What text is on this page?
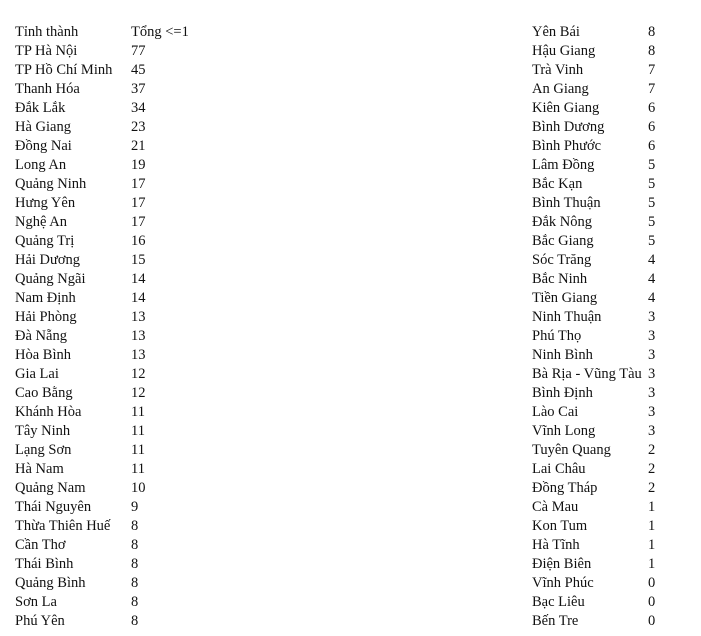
Tỉnh thành	Tổng <=1
TP Hà Nội	77
TP Hồ Chí Minh 45
Thanh Hóa	37
Đắk Lắk	34
Hà Giang	23
Đồng Nai	21
Long An	19
Quảng Ninh	17
Hưng Yên	17
Nghệ An	17
Quảng Trị	16
Hải Dương	15
Quảng Ngãi	14
Nam Định	14
Hải Phòng	13
Đà Nẵng	13
Hòa Bình	13
Gia Lai	12
Cao Bằng	12
Khánh Hòa	11
Tây Ninh	11
Lạng Sơn	11
Hà Nam	11
Quảng Nam	10
Thái Nguyên	9
Thừa Thiên Huế 8
Cần Thơ	8
Thái Bình	8
Quảng Bình	8
Sơn La	8
Phú Yên	8
Yên Bái	8
Hậu Giang	8
Trà Vinh	7
An Giang	7
Kiên Giang	6
Bình Dương	6
Bình Phước	6
Lâm Đồng	5
Bắc Kạn	5
Bình Thuận	5
Đắk Nông	5
Bắc Giang	5
Sóc Trăng	4
Bắc Ninh	4
Tiền Giang	4
Ninh Thuận	3
Phú Thọ	3
Ninh Bình	3
Bà Rịa - Vũng Tàu 3
Bình Định	3
Lào Cai	3
Vĩnh Long	3
Tuyên Quang	2
Lai Châu	2
Đồng Tháp	2
Cà Mau	1
Kon Tum	1
Hà Tĩnh	1
Điện Biên	1
Vĩnh Phúc	0
Bạc Liêu	0
Bến Tre	0
